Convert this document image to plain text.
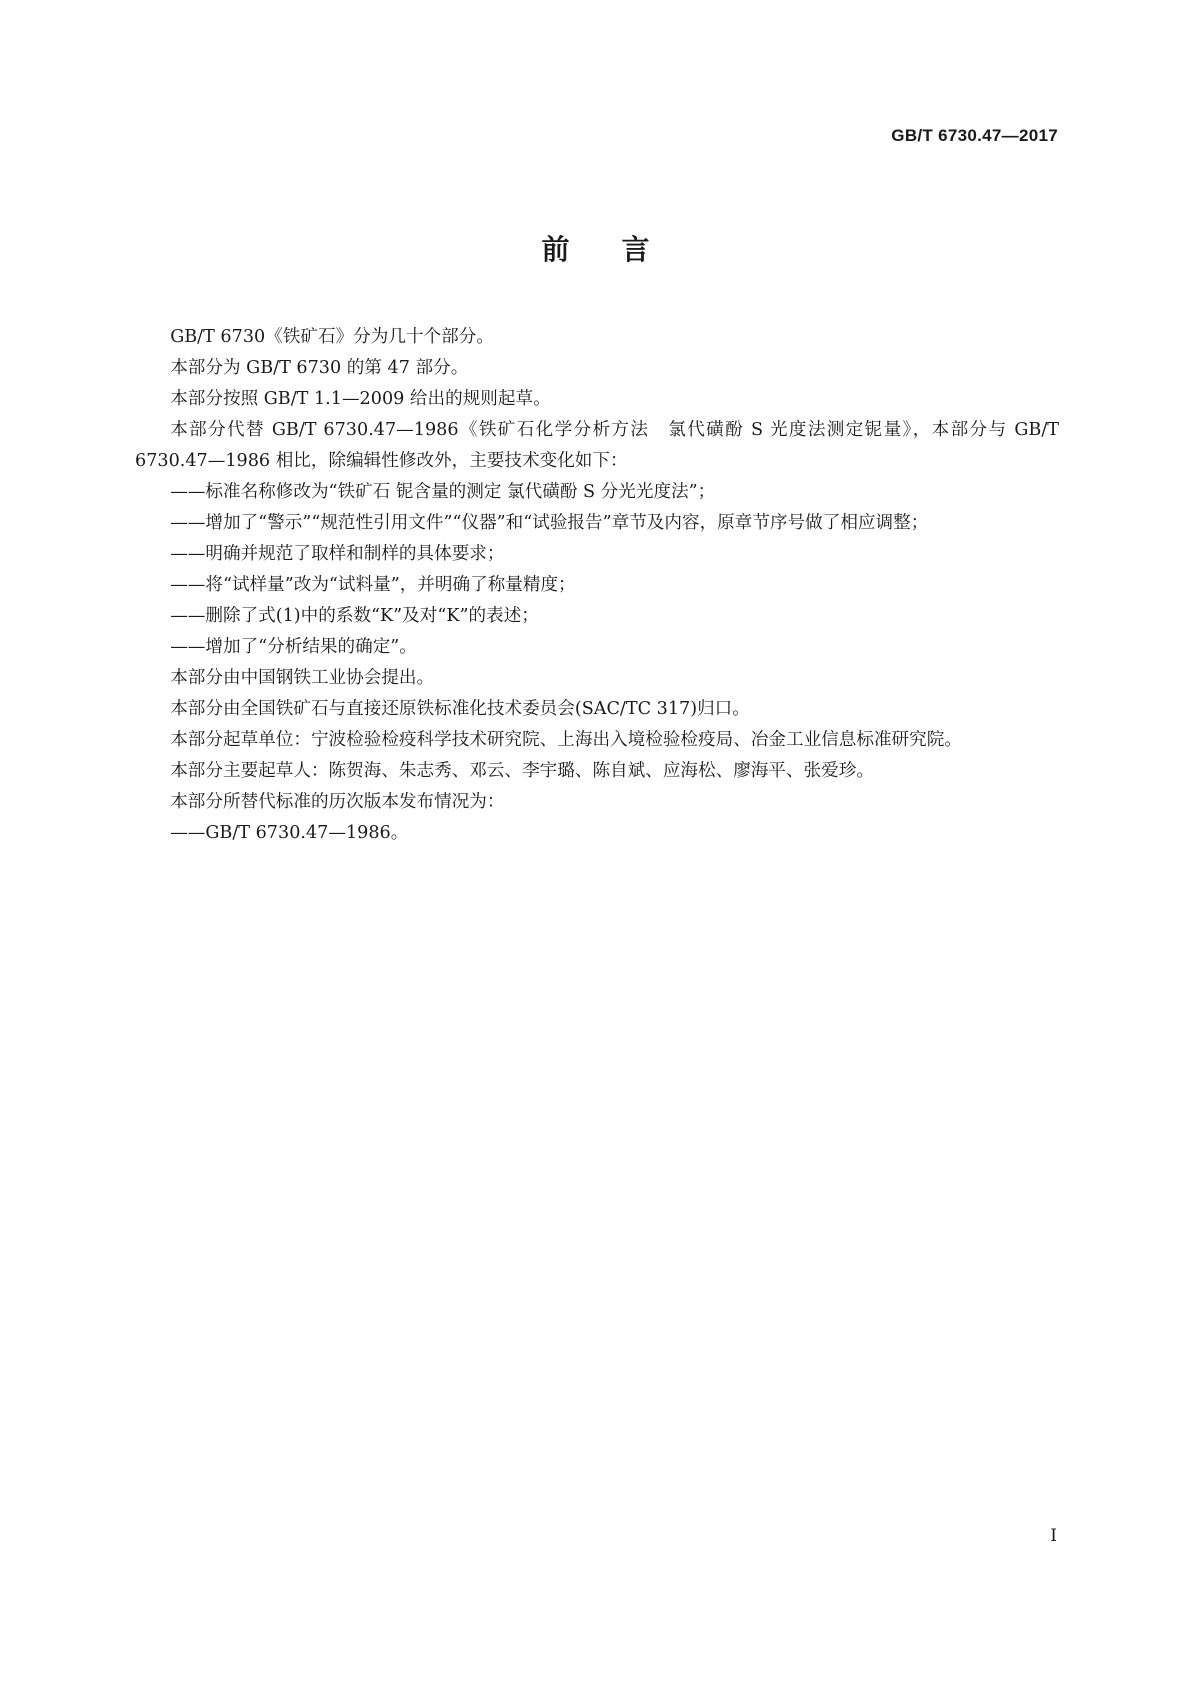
GB/T 6730.47—2017
前言

GB/T 6730《铁矿石》分为几十个部分。

本部分为 GB/T 6730 的第 47 部分。

本部分按照 GB/T 1.1—2009 给出的规则起草。

本部分代替 GB/T 6730.47—1986《铁矿石化学分析方法　氯代磺酚 S 光度法测定铌量》，本部分与 GB/T 6730.47—1986 相比，除编辑性修改外，主要技术变化如下：

——标准名称修改为“铁矿石 铌含量的测定 氯代磺酚 S 分光光度法”；

——增加了“警示”“规范性引用文件”“仪器”和“试验报告”章节及内容，原章节序号做了相应调整；

——明确并规范了取样和制样的具体要求；

——将“试样量”改为“试料量”，并明确了称量精度；

——删除了式(1)中的系数“K”及对“K”的表述；

——增加了“分析结果的确定”。

本部分由中国钢铁工业协会提出。

本部分由全国铁矿石与直接还原铁标准化技术委员会(SAC/TC 317)归口。

本部分起草单位：宁波检验检疫科学技术研究院、上海出入境检验检疫局、冶金工业信息标准研究院。

本部分主要起草人：陈贺海、朱志秀、邓云、李宇璐、陈自斌、应海松、廖海平、张爱珍。

本部分所替代标准的历次版本发布情况为：

——GB/T 6730.47—1986。

I
